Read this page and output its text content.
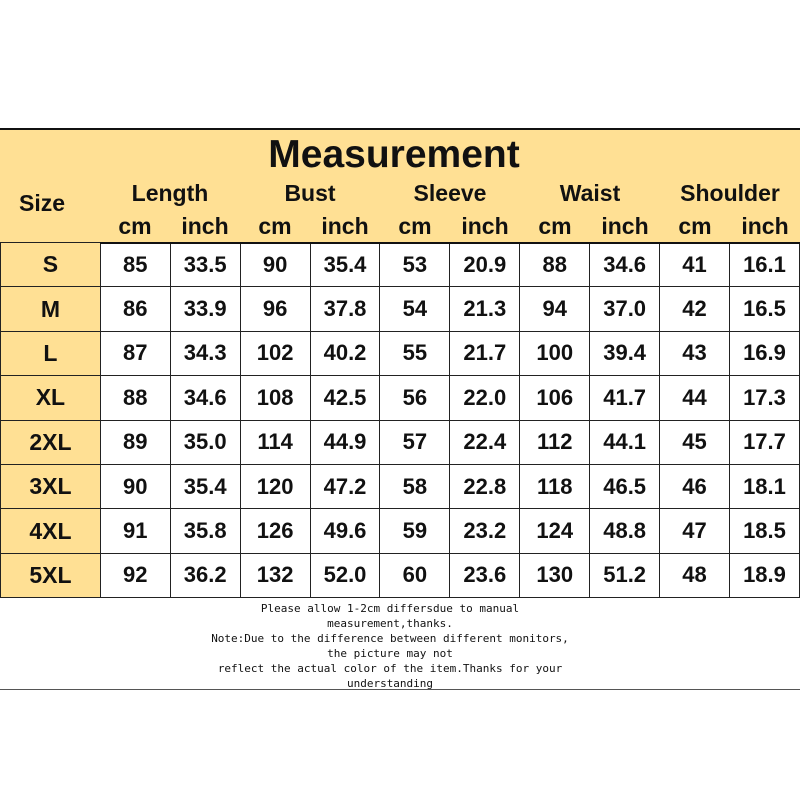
Measurement
Size	Length	Bust	Sleeve	Waist	Shoulder
cm	inch	cm	inch	cm	inch	cm	inch	cm	inch
S	85	33.5	90	35.4	53	20.9	88	34.6	41	16.1
M	86	33.9	96	37.8	54	21.3	94	37.0	42	16.5
L	87	34.3	102	40.2	55	21.7	100	39.4	43	16.9
XL	88	34.6	108	42.5	56	22.0	106	41.7	44	17.3
2XL	89	35.0	114	44.9	57	22.4	112	44.1	45	17.7
3XL	90	35.4	120	47.2	58	22.8	118	46.5	46	18.1
4XL	91	35.8	126	49.6	59	23.2	124	48.8	47	18.5
5XL	92	36.2	132	52.0	60	23.6	130	51.2	48	18.9
Please allow 1-2cm differsdue to manual
measurement,thanks.
Note:Due to the difference between different monitors,
the picture may not
reflect the actual color of the item.Thanks for your
understanding
